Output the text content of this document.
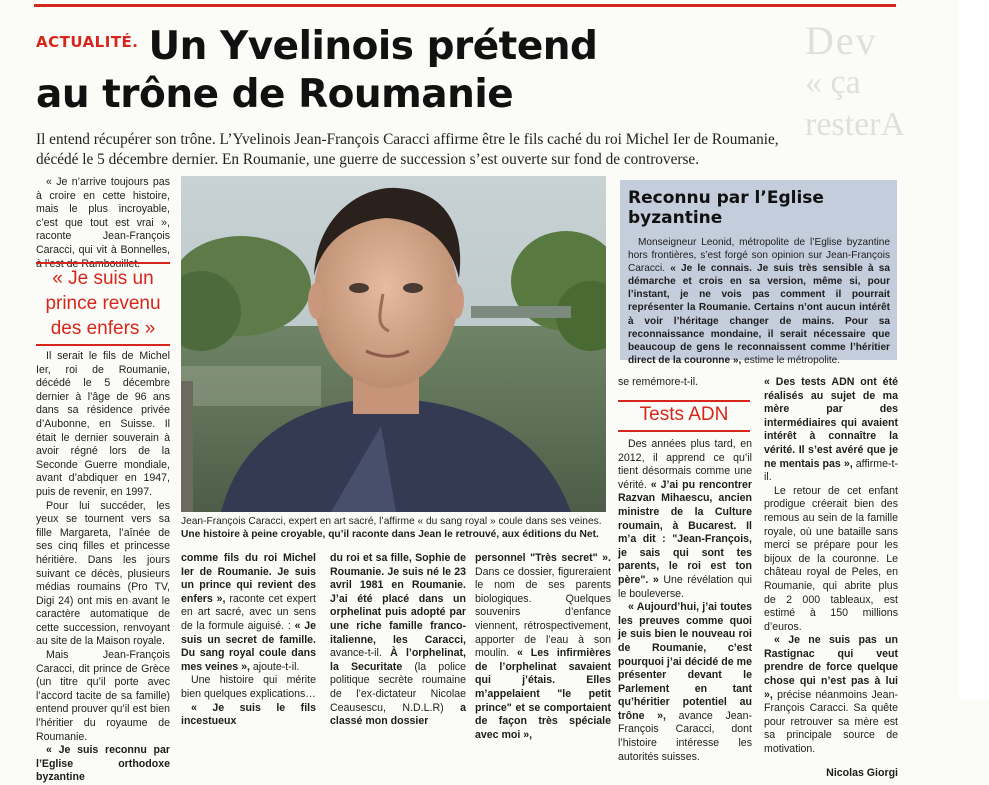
Dev
« ça resterA
ACTUALITÉ. Un Yvelinois prétend
au trône de Roumanie
Il entend récupérer son trône. L’Yvelinois Jean-François Caracci affirme être le fils caché du roi Michel Ier de Roumanie,
décédé le 5 décembre dernier. En Roumanie, une guerre de succession s’est ouverte sur fond de controverse.

« Je n’arrive toujours pas à croire en cette histoire, mais le plus incroyable, c’est que tout est vrai », raconte Jean-François Caracci, qui vit à Bonnelles,

« Je suis un
prince revenu
des enfers »

Il serait le fils de Michel Ier, roi de Roumanie, décédé le 5 décembre dernier à l’âge de 96 ans dans sa résidence privée d’Aubonne, en Suisse. Il était le dernier souverain à avoir régné lors de la Seconde Guerre mondiale, avant d’abdiquer en 1947, puis de revenir, en 1997.

Pour lui succéder, les yeux se tournent vers sa fille Margareta, l’aînée de ses cinq filles et princesse héritière. Dans les jours suivant ce décès, plusieurs médias roumains (Pro TV, Digi 24) ont mis en avant le caractère automatique de cette succession, renvoyant au site de la Maison royale.

Mais Jean-François Caracci, dit prince de Grèce (un titre qu’il porte avec l’accord tacite de sa famille) entend prouver qu’il est bien l’héritier du royaume de Roumanie.

« Je suis reconnu par l’Eglise orthodoxe byzantine

Jean-François Caracci, expert en art sacré, l’affirme « du sang royal » coule dans ses veines.
Une histoire à peine croyable, qu’il raconte dans Jean le retrouvé, aux éditions du Net.

comme fils du roi Michel Ier de Roumanie. Je suis un prince qui revient des enfers », raconte cet expert en art sacré, avec un sens de la formule aiguisé. : « Je suis un secret de famille. Du sang royal coule dans mes veines », ajoute-t-il.

Une histoire qui mérite bien quelques explications…

« Je suis le fils incestueux

du roi et sa fille, Sophie de Roumanie. Je suis né le 23 avril 1981 en Roumanie. J’ai été placé dans un orphelinat puis adopté par une riche famille franco-italienne, les Caracci, avance-t-il. À l’orphelinat, la Securitate (la police politique secrète roumaine de l’ex-dictateur Nicolae Ceausescu, N.D.L.R) a classé mon dossier

personnel "Très secret" ». Dans ce dossier, figureraient le nom de ses parents biologiques. Quelques souvenirs d’enfance viennent, rétrospectivement, apporter de l’eau à son moulin. « Les infirmières de l’orphelinat savaient qui j’étais. Elles m’appelaient "le petit prince" et se comportaient de façon très spéciale avec moi »,

se remémore-t-il.

Tests ADN

Des années plus tard, en 2012, il apprend ce qu’il tient désormais comme une vérité. « J’ai pu rencontrer Razvan Mihaescu, ancien ministre de la Culture roumain, à Bucarest. Il m’a dit : "Jean-François, je sais qui sont tes parents, le roi est ton père". » Une révélation qui le bouleverse.

« Aujourd’hui, j’ai toutes les preuves comme quoi je suis bien le nouveau roi de Roumanie, c’est pourquoi j’ai décidé de me présenter devant le Parlement en tant qu’héritier potentiel au trône », avance Jean-François Caracci, dont l’histoire intéresse les autorités suisses.

Reconnu par l’Eglise byzantine
Monseigneur Leonid, métropolite de l’Eglise byzantine hors frontières, s’est forgé son opinion sur Jean-François Caracci. « Je le connais. Je suis très sensible à sa démarche et crois en sa version, même si, pour l’instant, je ne vois pas comment il pourrait représenter la Roumanie. Certains n’ont aucun intérêt à voir l’héritage changer de mains. Pour sa reconnaissance mondaine, il serait nécessaire que beaucoup de gens le reconnaissent comme l’héritier direct de la couronne », estime le métropolite.

« Des tests ADN ont été réalisés au sujet de ma mère par des intermédiaires qui avaient intérêt à connaître la vérité. Il s’est avéré que je ne mentais pas », affirme-t-il.

Le retour de cet enfant prodigue créerait bien des remous au sein de la famille royale, où une bataille sans merci se prépare pour les bijoux de la couronne. Le château royal de Peles, en Roumanie, qui abrite plus de 2 000 tableaux, est estimé à 150 millions d’euros.

« Je ne suis pas un Rastignac qui veut prendre de force quelque chose qui n’est pas à lui », précise néanmoins Jean-François Caracci. Sa quête pour retrouver sa mère est sa principale source de motivation.

Nicolas Giorgi
